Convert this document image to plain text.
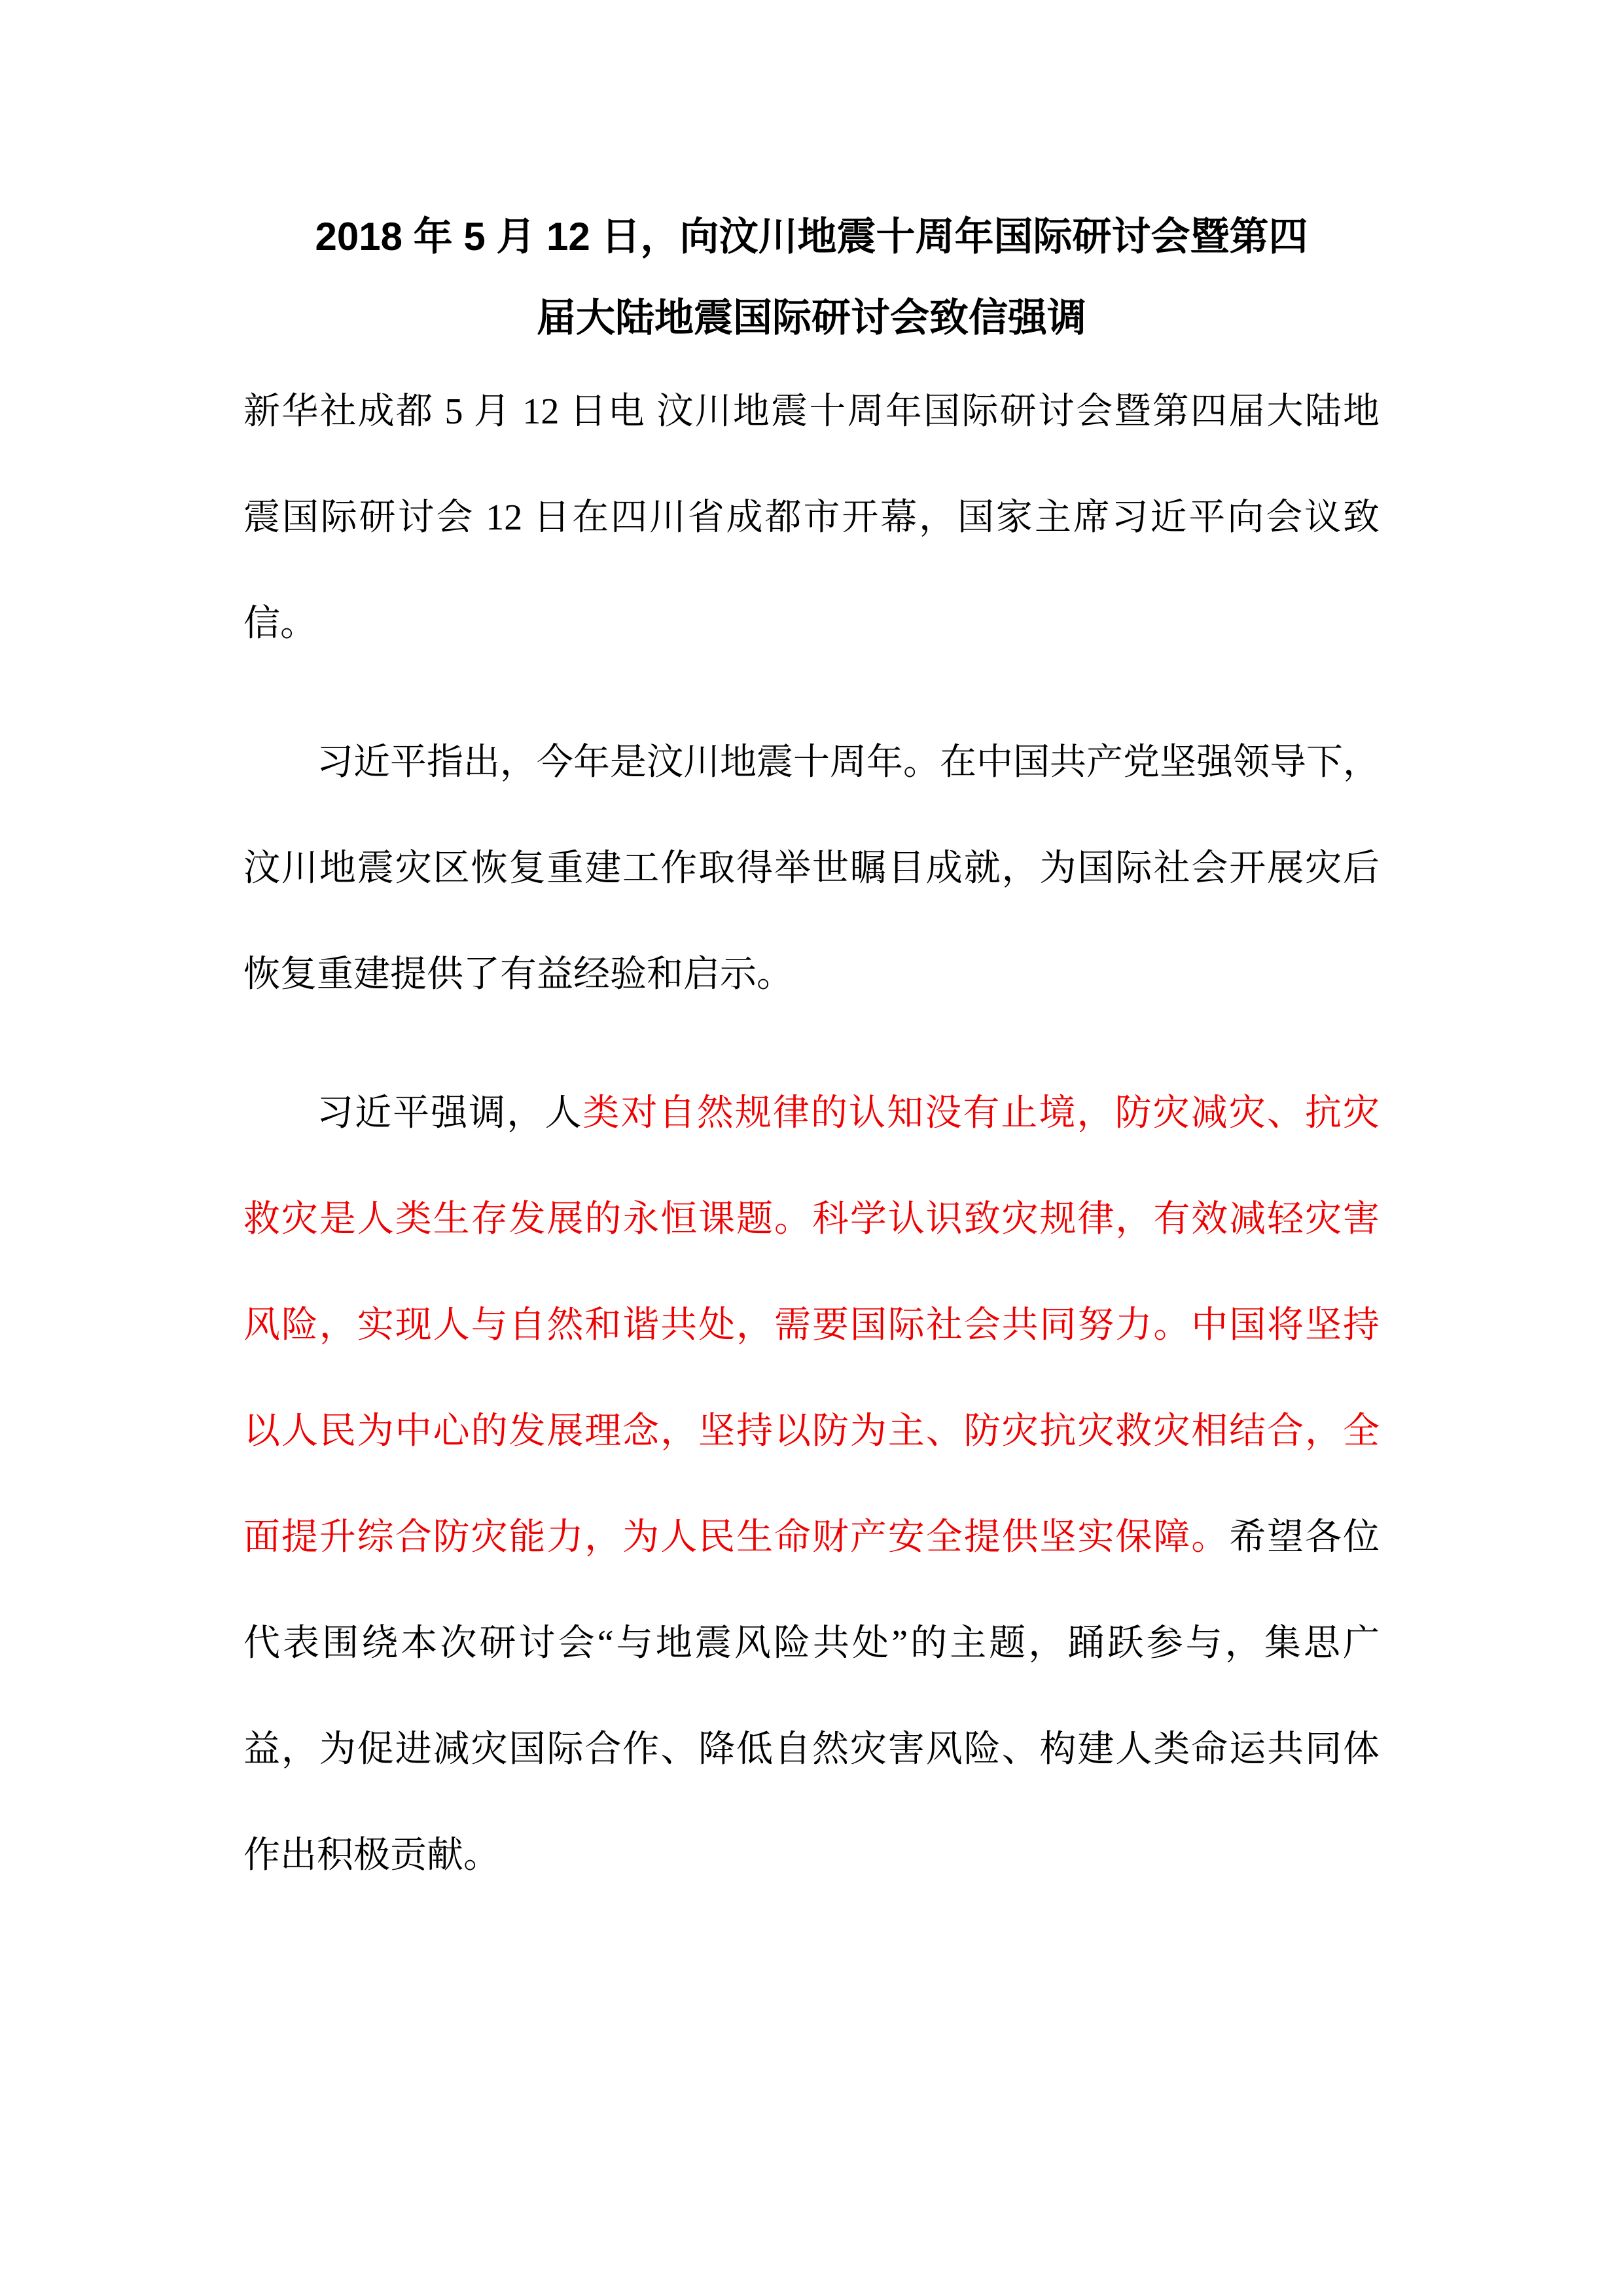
2018 年 5 月 12 日，向汶川地震十周年国际研讨会暨第四
届大陆地震国际研讨会致信强调
新华社成都 5 月 12 日电 汶川地震十周年国际研讨会暨第四届大陆地
震国际研讨会 12 日在四川省成都市开幕，国家主席习近平向会议致
信。
习近平指出，今年是汶川地震十周年。在中国共产党坚强领导下，
汶川地震灾区恢复重建工作取得举世瞩目成就，为国际社会开展灾后
恢复重建提供了有益经验和启示。
习近平强调，人类对自然规律的认知没有止境，防灾减灾、抗灾
救灾是人类生存发展的永恒课题。科学认识致灾规律，有效减轻灾害
风险，实现人与自然和谐共处，需要国际社会共同努力。中国将坚持
以人民为中心的发展理念，坚持以防为主、防灾抗灾救灾相结合，全
面提升综合防灾能力，为人民生命财产安全提供坚实保障。希望各位
代表围绕本次研讨会“与地震风险共处”的主题，踊跃参与，集思广
益，为促进减灾国际合作、降低自然灾害风险、构建人类命运共同体
作出积极贡献。
